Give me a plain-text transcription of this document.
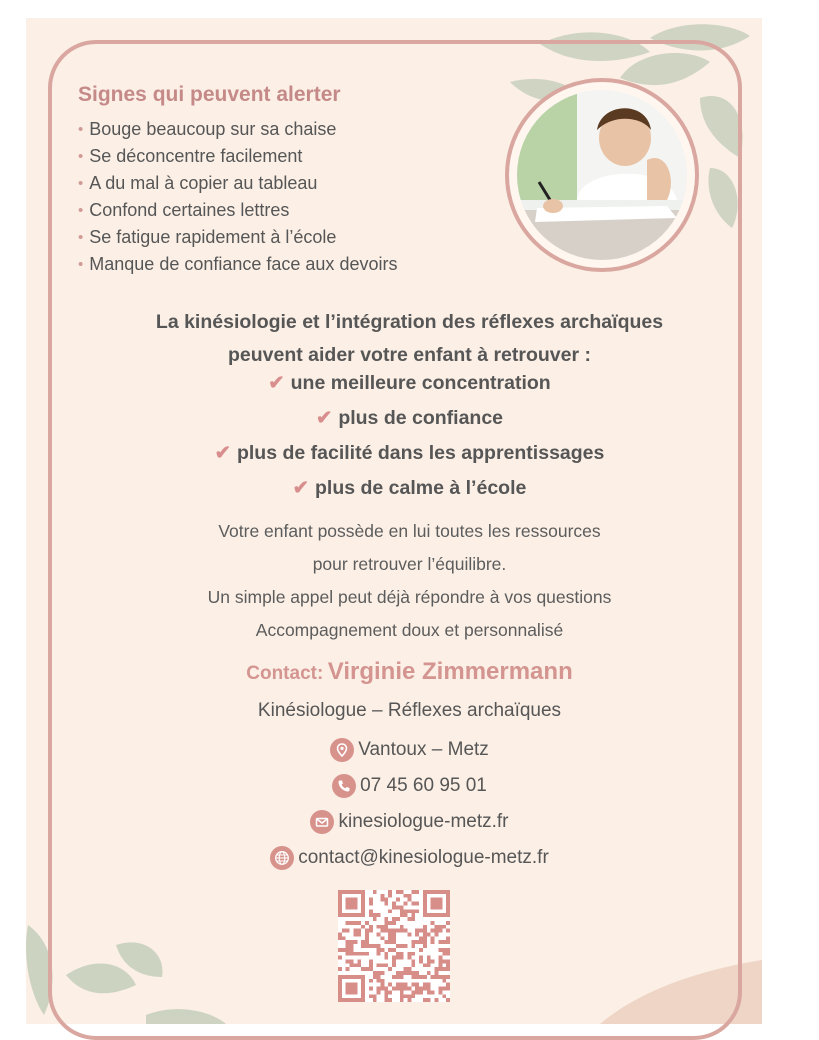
Signes qui peuvent alerter
• Bouge beaucoup sur sa chaise
• Se déconcentre facilement
• A du mal à copier au tableau
• Confond certaines lettres
• Se fatigue rapidement à l’école
• Manque de confiance face aux devoirs
La kinésiologie et l’intégration des réflexes archaïques
peuvent aider votre enfant à retrouver :
✔ une meilleure concentration
✔ plus de confiance
✔ plus de facilité dans les apprentissages
✔ plus de calme à l’école
Votre enfant possède en lui toutes les ressources
pour retrouver l’équilibre.
Un simple appel peut déjà répondre à vos questions
Accompagnement doux et personnalisé
Contact: Virginie Zimmermann
Kinésiologue – Réflexes archaïques
Vantoux – Metz
07 45 60 95 01
kinesiologue-metz.fr
contact@kinesiologue-metz.fr
